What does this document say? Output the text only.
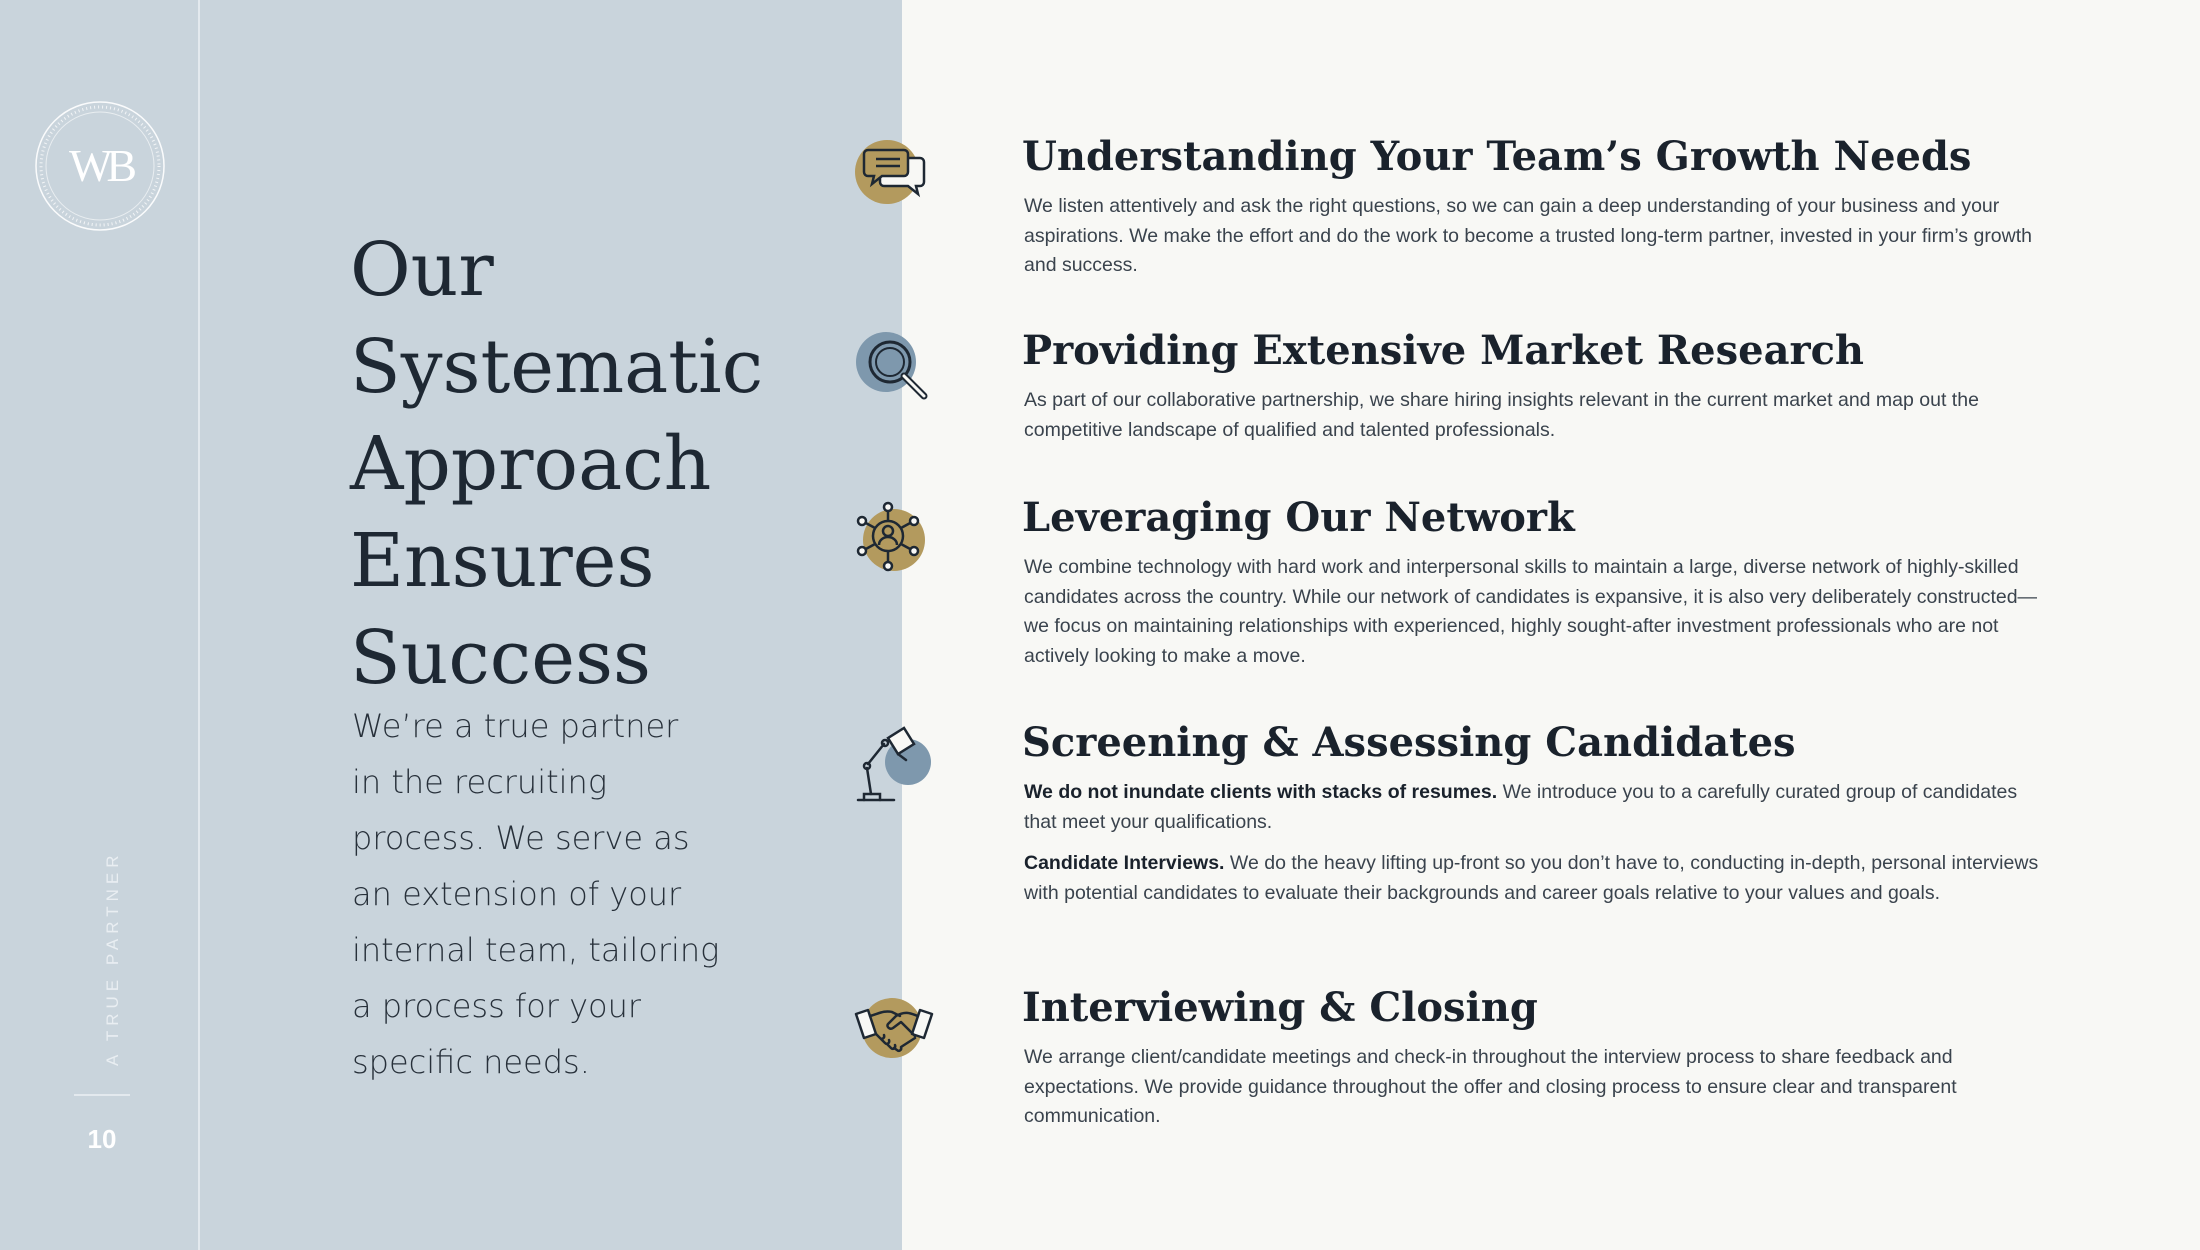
WB
A TRUE PARTNER
10
Our
Systematic
Approach
Ensures
Success
We’re a true partner
in the recruiting
process. We serve as
an extension of your
internal team, tailoring
a process for your
specific needs.
Understanding Your Team’s Growth Needs

We listen attentively and ask the right questions, so we can gain a deep understanding of your business and your aspirations. We make the effort and do the work to become a trusted long-term partner, invested in your firm’s growth and success.

Providing Extensive Market Research

As part of our collaborative partnership, we share hiring insights relevant in the current market and map out the competitive landscape of qualified and talented professionals.

Leveraging Our Network

We combine technology with hard work and interpersonal skills to maintain a large, diverse network of highly-skilled candidates across the country. While our network of candidates is expansive, it is also very deliberately constructed—we focus on maintaining relationships with experienced, highly sought-after investment professionals who are not actively looking to make a move.

Screening & Assessing Candidates

We do not inundate clients with stacks of resumes. We introduce you to a carefully curated group of candidates that meet your qualifications.

Candidate Interviews. We do the heavy lifting up-front so you don’t have to, conducting in-depth, personal interviews with potential candidates to evaluate their backgrounds and career goals relative to your values and goals.

Interviewing & Closing

We arrange client/candidate meetings and check-in throughout the interview process to share feedback and expectations. We provide guidance throughout the offer and closing process to ensure clear and transparent communication.
